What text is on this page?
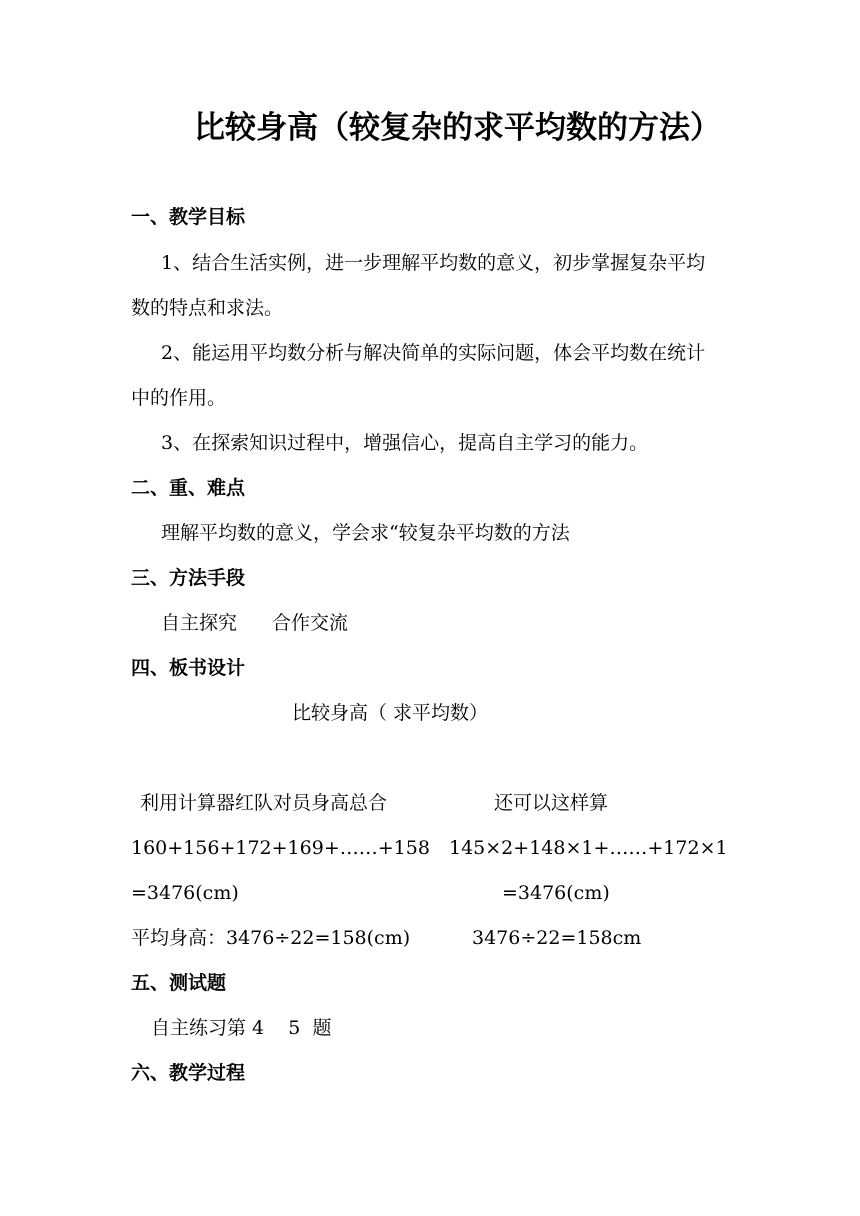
比较身高（较复杂的求平均数的方法）
一、教学目标
1、结合生活实例，进一步理解平均数的意义，初步掌握复杂平均
数的特点和求法。
2、能运用平均数分析与解决简单的实际问题，体会平均数在统计
中的作用。
3、在探索知识过程中，增强信心，提高自主学习的能力。
二、重、难点
理解平均数的意义，学会求“较复杂平均数的方法
三、方法手段
自主探究 合作交流
四、板书设计
比较身高（ 求平均数）
利用计算器红队对员身高总合	还可以这样算
160+156+172+169+……+158 145×2+148×1+……+172×1
=3476(cm)	=3476(cm)
平均身高：3476÷22=158(cm)	3476÷22=158cm
五、测试题
自主练习第 4    5  题
六、教学过程
